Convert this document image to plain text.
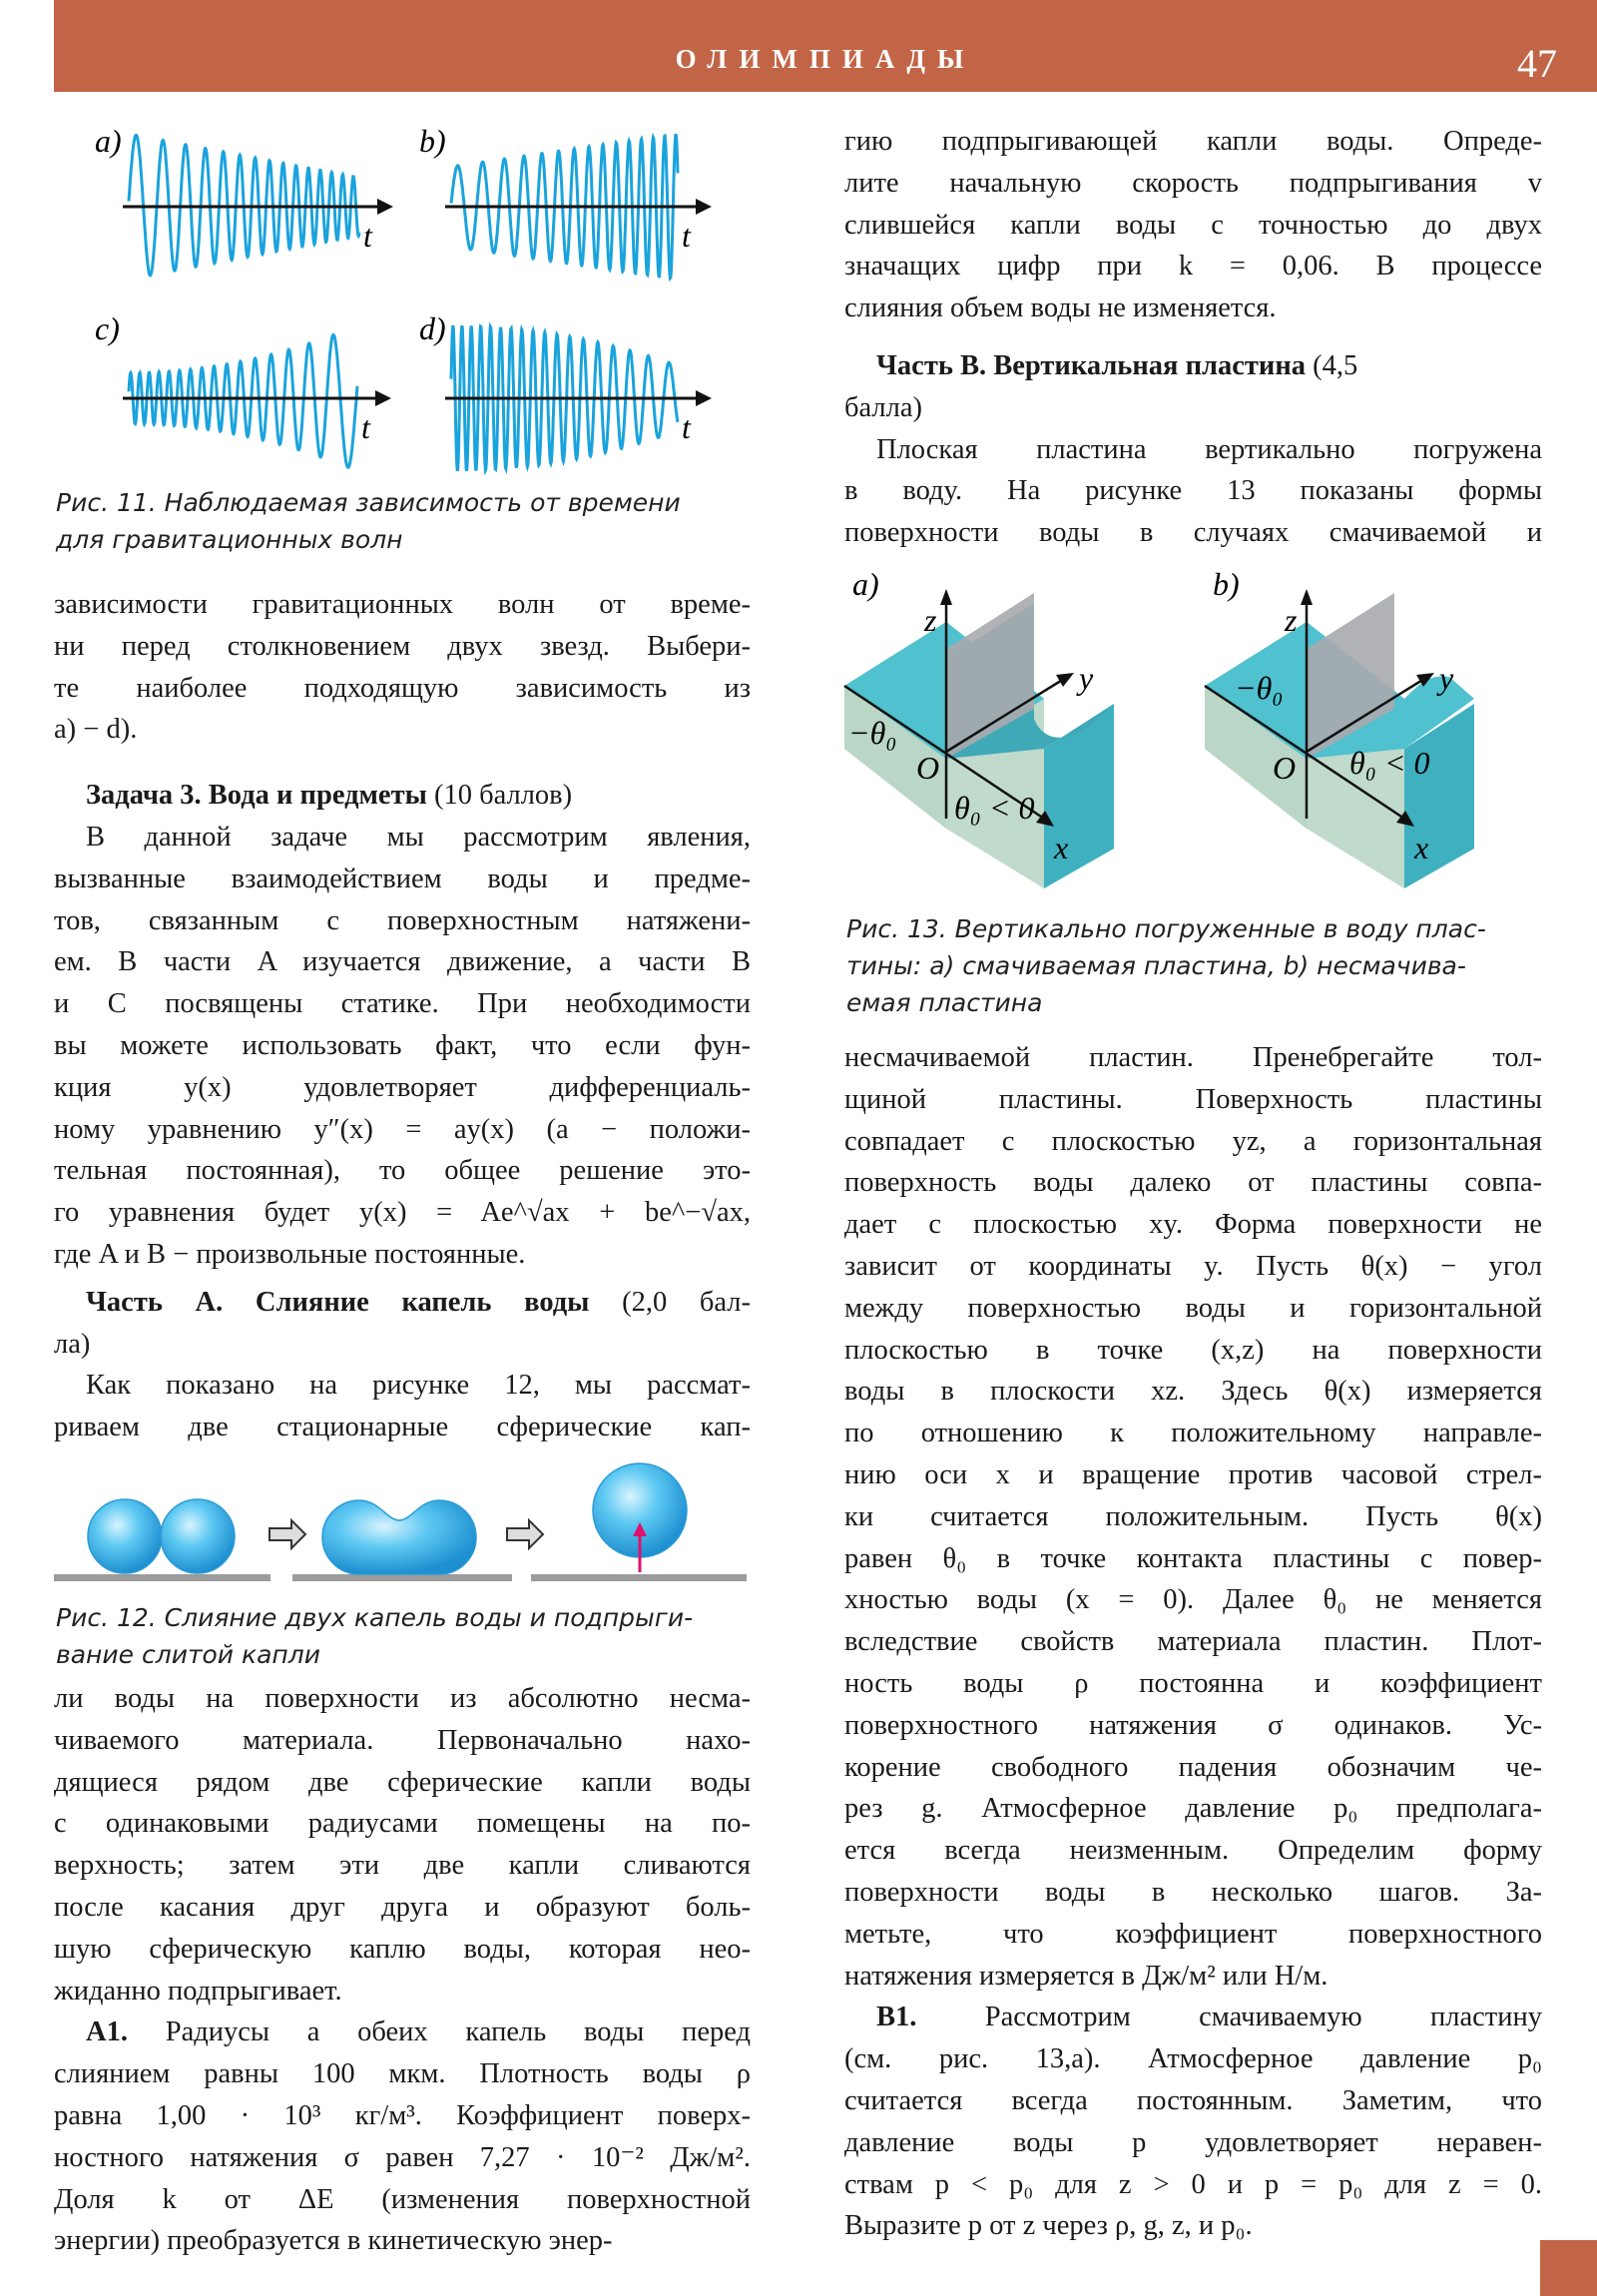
ОЛИМПИАДЫ	47
t
a)
t
b)
t
c)
t
d)
Рис. 11. Наблюдаемая зависимость от времени
для гравитационных волн
зависимости гравитационных волн от време-
ни перед столкновением двух звезд. Выбери-
те наиболее подходящую зависимость из
a) − d).
Задача 3. Вода и предметы (10 баллов)
В данной задаче мы рассмотрим явления,
вызванные взаимодействием воды и предме-
тов, связанным с поверхностным натяжени-
ем. В части A изучается движение, а части B
и C посвящены статике. При необходимости
вы можете использовать факт, что если фун-
кция y(x) удовлетворяет дифференциаль-
ному уравнению y″(x) = ay(x) (a − положи-
тельная постоянная), то общее решение это-
го уравнения будет y(x) = Ae^√ax + be^−√ax,
где A и B − произвольные постоянные.
Часть А. Слияние капель воды (2,0 бал-
ла)
Как показано на рисунке 12, мы рассмат-
риваем две стационарные сферические кап-
Рис. 12. Слияние двух капель воды и подпрыги-
вание слитой капли
ли воды на поверхности из абсолютно несма-
чиваемого материала. Первоначально нахо-
дящиеся рядом две сферические капли воды
с одинаковыми радиусами помещены на по-
верхность; затем эти две капли сливаются
после касания друг друга и образуют боль-
шую сферическую каплю воды, которая нео-
жиданно подпрыгивает.
A1. Радиусы a обеих капель воды перед
слиянием равны 100 мкм. Плотность воды ρ
равна 1,00 · 10³ кг/м³. Коэффициент поверх-
ностного натяжения σ равен 7,27 · 10⁻² Дж/м².
Доля k от ΔE (изменения поверхностной
энергии) преобразуется в кинетическую энер-
гию подпрыгивающей капли воды. Опреде-
лите начальную скорость подпрыгивания v
слившейся капли воды с точностью до двух
значащих цифр при k = 0,06. В процессе
слияния объем воды не изменяется.
Часть B. Вертикальная пластина (4,5
балла)
Плоская пластина вертикально погружена
в воду. На рисунке 13 показаны формы
поверхности воды в случаях смачиваемой и
x
y
z
O
−θ₀
θ₀ < 0
a)
x
y
z
O
−θ₀
θ₀ < 0
b)
Рис. 13. Вертикально погруженные в воду плас-
тины: a) смачиваемая пластина, b) несмачива-
емая пластина
несмачиваемой пластин. Пренебрегайте тол-
щиной пластины. Поверхность пластины
совпадает с плоскостью yz, а горизонтальная
поверхность воды далеко от пластины совпа-
дает с плоскостью xy. Форма поверхности не
зависит от координаты y. Пусть θ(x) − угол
между поверхностью воды и горизонтальной
плоскостью в точке (x,z) на поверхности
воды в плоскости xz. Здесь θ(x) измеряется
по отношению к положительному направле-
нию оси x и вращение против часовой стрел-
ки считается положительным. Пусть θ(x)
равен θ₀ в точке контакта пластины с повер-
хностью воды (x = 0). Далее θ₀ не меняется
вследствие свойств материала пластин. Плот-
ность воды ρ постоянна и коэффициент
поверхностного натяжения σ одинаков. Ус-
корение свободного падения обозначим че-
рез g. Атмосферное давление p₀ предполага-
ется всегда неизменным. Определим форму
поверхности воды в несколько шагов. За-
метьте, что коэффициент поверхностного
натяжения измеряется в Дж/м² или Н/м.
B1. Рассмотрим смачиваемую пластину
(см. рис. 13,a). Атмосферное давление p₀
считается всегда постоянным. Заметим, что
давление воды p удовлетворяет неравен-
ствам p < p₀ для z > 0 и p = p₀ для z = 0.
Выразите p от z через ρ, g, z, и p₀.
